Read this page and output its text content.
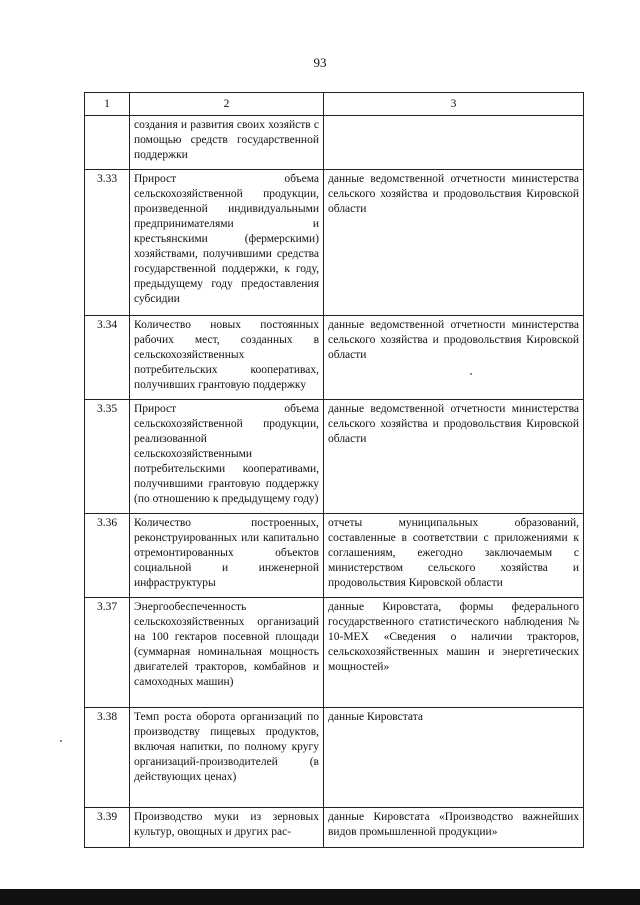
93
1	2	3
	создания и развития своих хозяйств с помощью средств государственной поддержки	
3.33	Прирост объема сельскохозяйственной продукции, произведенной индивидуальными предпринимателями и крестьянскими (фермерскими) хозяйствами, получившими средства государственной поддержки, к году, предыдущему году предоставления субсидии	данные ведомственной отчетности министерства сельского хозяйства и продовольствия Кировской области
3.34	Количество новых постоянных рабочих мест, созданных в сельскохозяйственных потребительских кооперативах, получивших грантовую поддержку	данные ведомственной отчетности министерства сельского хозяйства и продовольствия Кировской области
3.35	Прирост объема сельскохозяйственной продукции, реализованной сельскохозяйственными потребительскими кооперативами, получившими грантовую поддержку (по отношению к предыдущему году)	данные ведомственной отчетности министерства сельского хозяйства и продовольствия Кировской области
3.36	Количество построенных, реконструированных или капитально отремонтированных объектов социальной и инженерной инфраструктуры	отчеты муниципальных образований, составленные в соответствии с приложениями к соглашениям, ежегодно заключаемым с министерством сельского хозяйства и продовольствия Кировской области
3.37	Энергообеспеченность сельскохозяйственных организаций на 100 гектаров посевной площади (суммарная номинальная мощность двигателей тракторов, комбайнов и самоходных машин)	данные Кировстата, формы федерального государственного статистического наблюдения № 10-МЕХ «Сведения о наличии тракторов, сельскохозяйственных машин и энергетических мощностей»
3.38	Темп роста оборота организаций по производству пищевых продуктов, включая напитки, по полному кругу организаций-производителей (в действующих ценах)	данные Кировстата
3.39	Производство муки из зерновых культур, овощных и других рас-	данные Кировстата «Производство важнейших видов промышленной продукции»
